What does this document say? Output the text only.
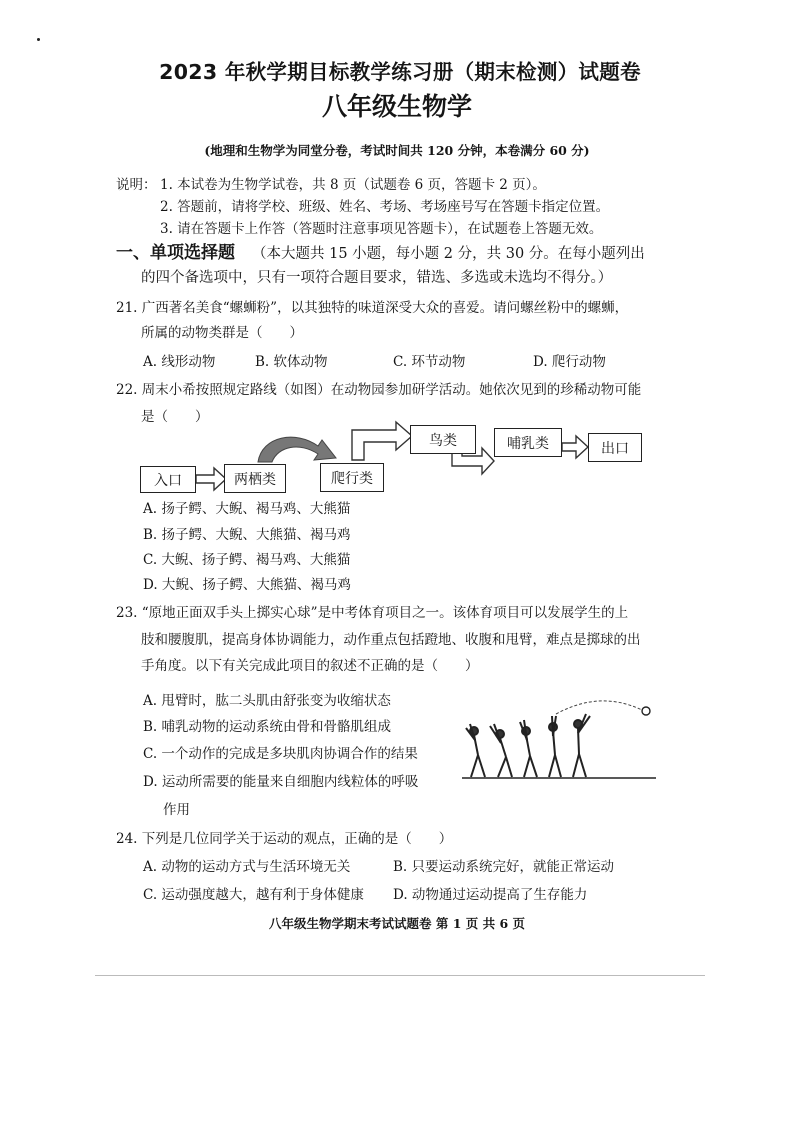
2023 年秋学期目标教学练习册（期末检测）试题卷
八年级生物学
(地理和生物学为同堂分卷，考试时间共 120 分钟，本卷满分 60 分)
说明： 1. 本试卷为生物学试卷，共 8 页（试题卷 6 页，答题卡 2 页）。
2. 答题前，请将学校、班级、姓名、考场、考场座号写在答题卡指定位置。
3. 请在答题卡上作答（答题时注意事项见答题卡），在试题卷上答题无效。
一、单项选择题 （本大题共 15 小题，每小题 2 分，共 30 分。在每小题列出
的四个备选项中，只有一项符合题目要求，错选、多选或未选均不得分。）
21. 广西著名美食“螺蛳粉”，以其独特的味道深受大众的喜爱。请问螺丝粉中的螺蛳，
所属的动物类群是（　　）
A. 线形动物	B. 软体动物	C. 环节动物	D. 爬行动物
22. 周末小希按照规定路线（如图）在动物园参加研学活动。她依次见到的珍稀动物可能
是（　　）
入口	两栖类	爬行类
鸟类	哺乳类	出口
A. 扬子鳄、大鲵、褐马鸡、大熊猫
B. 扬子鳄、大鲵、大熊猫、褐马鸡
C. 大鲵、扬子鳄、褐马鸡、大熊猫
D. 大鲵、扬子鳄、大熊猫、褐马鸡
23. “原地正面双手头上掷实心球”是中考体育项目之一。该体育项目可以发展学生的上
肢和腰腹肌，提高身体协调能力，动作重点包括蹬地、收腹和甩臂，难点是掷球的出
手角度。以下有关完成此项目的叙述不正确的是（　　）
A. 甩臂时，肱二头肌由舒张变为收缩状态
B. 哺乳动物的运动系统由骨和骨骼肌组成
C. 一个动作的完成是多块肌肉协调合作的结果
D. 运动所需要的能量来自细胞内线粒体的呼吸
作用
24. 下列是几位同学关于运动的观点，正确的是（　　）
A. 动物的运动方式与生活环境无关	B. 只要运动系统完好，就能正常运动
C. 运动强度越大，越有利于身体健康 D. 动物通过运动提高了生存能力
八年级生物学期末考试试题卷 第 1 页 共 6 页
